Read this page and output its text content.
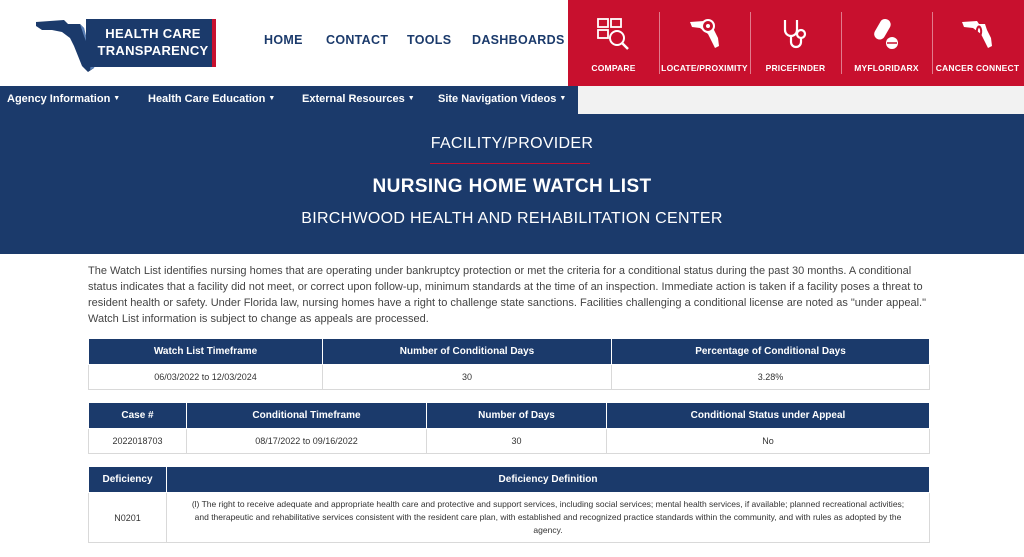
HEALTH CARE
TRANSPARENCY
HOME CONTACT TOOLS DASHBOARDS
COMPARE	LOCATE/PROXIMITY	PRICEFINDER	MYFLORIDARX	CANCER CONNECT
Agency Information ▼	Health Care Education ▼ External Resources ▼ Site Navigation Videos ▼
FACILITY/PROVIDER
NURSING HOME WATCH LIST
BIRCHWOOD HEALTH AND REHABILITATION CENTER

The Watch List identifies nursing homes that are operating under bankruptcy protection or met the criteria for a conditional status during the past 30 months. A conditional status indicates that a facility did not meet, or correct upon follow-up, minimum standards at the time of an inspection. Immediate action is taken if a facility poses a threat to resident health or safety. Under Florida law, nursing homes have a right to challenge state sanctions. Facilities challenging a conditional license are noted as "under appeal." Watch List information is subject to change as appeals are processed.

Watch List Timeframe	Number of Conditional Days	Percentage of Conditional Days
06/03/2022 to 12/03/2024	30	3.28%
Case #	Conditional Timeframe	Number of Days	Conditional Status under Appeal
2022018703	08/17/2022 to 09/16/2022	30	No
Deficiency	Deficiency Definition
N0201	(l) The right to receive adequate and appropriate health care and protective and support services, including social services; mental health services, if available; planned recreational activities; and therapeutic and rehabilitative services consistent with the resident care plan, with established and recognized practice standards within the community, and with rules as adopted by the agency.
